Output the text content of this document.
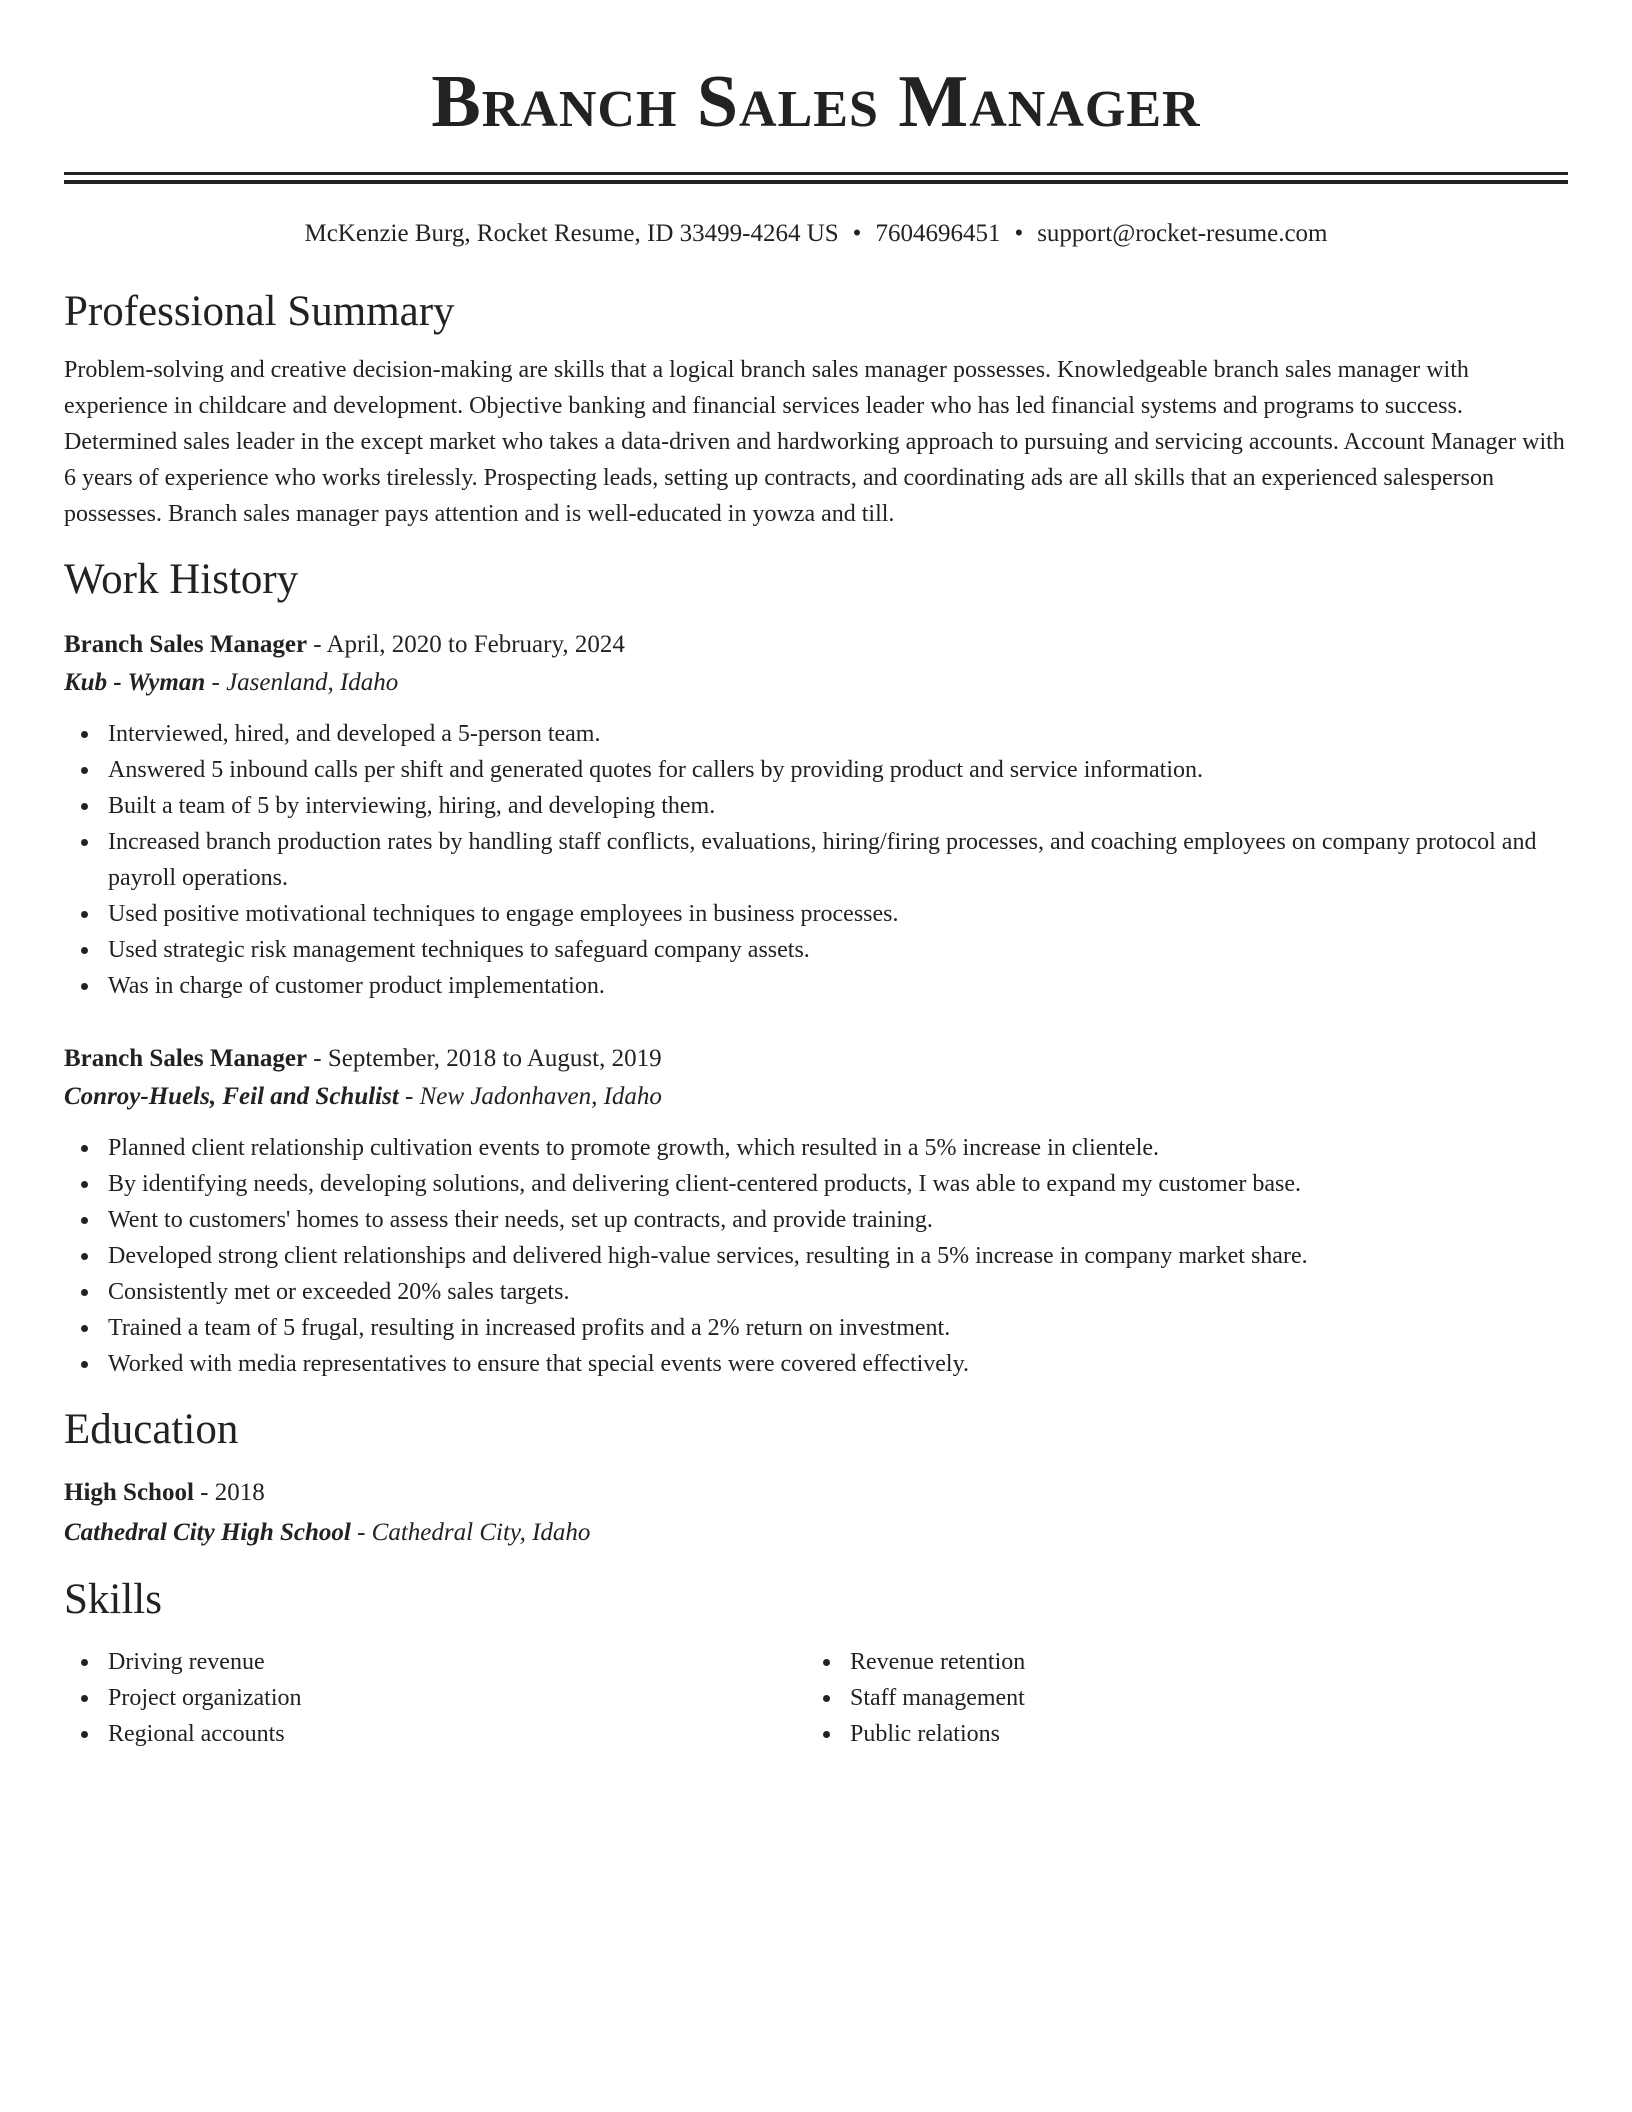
Branch Sales Manager
McKenzie Burg, Rocket Resume, ID 33499-4264 US • 7604696451 • support@rocket-resume.com
Professional Summary

Problem-solving and creative decision-making are skills that a logical branch sales manager possesses. Knowledgeable branch sales manager with experience in childcare and development. Objective banking and financial services leader who has led financial systems and programs to success. Determined sales leader in the except market who takes a data-driven and hardworking approach to pursuing and servicing accounts. Account Manager with 6 years of experience who works tirelessly. Prospecting leads, setting up contracts, and coordinating ads are all skills that an experienced salesperson possesses. Branch sales manager pays attention and is well-educated in yowza and till.

Work History
Branch Sales Manager - April, 2020 to February, 2024
Kub - Wyman - Jasenland, Idaho
Interviewed, hired, and developed a 5-person team.
Answered 5 inbound calls per shift and generated quotes for callers by providing product and service information.
Built a team of 5 by interviewing, hiring, and developing them.
Increased branch production rates by handling staff conflicts, evaluations, hiring/firing processes, and coaching employees on company protocol and payroll operations.
Used positive motivational techniques to engage employees in business processes.
Used strategic risk management techniques to safeguard company assets.
Was in charge of customer product implementation.
Branch Sales Manager - September, 2018 to August, 2019
Conroy-Huels, Feil and Schulist - New Jadonhaven, Idaho
Planned client relationship cultivation events to promote growth, which resulted in a 5% increase in clientele.
By identifying needs, developing solutions, and delivering client-centered products, I was able to expand my customer base.
Went to customers' homes to assess their needs, set up contracts, and provide training.
Developed strong client relationships and delivered high-value services, resulting in a 5% increase in company market share.
Consistently met or exceeded 20% sales targets.
Trained a team of 5 frugal, resulting in increased profits and a 2% return on investment.
Worked with media representatives to ensure that special events were covered effectively.
Education
High School - 2018
Cathedral City High School - Cathedral City, Idaho
Skills
Driving revenue
Project organization
Regional accounts
Revenue retention
Staff management
Public relations
